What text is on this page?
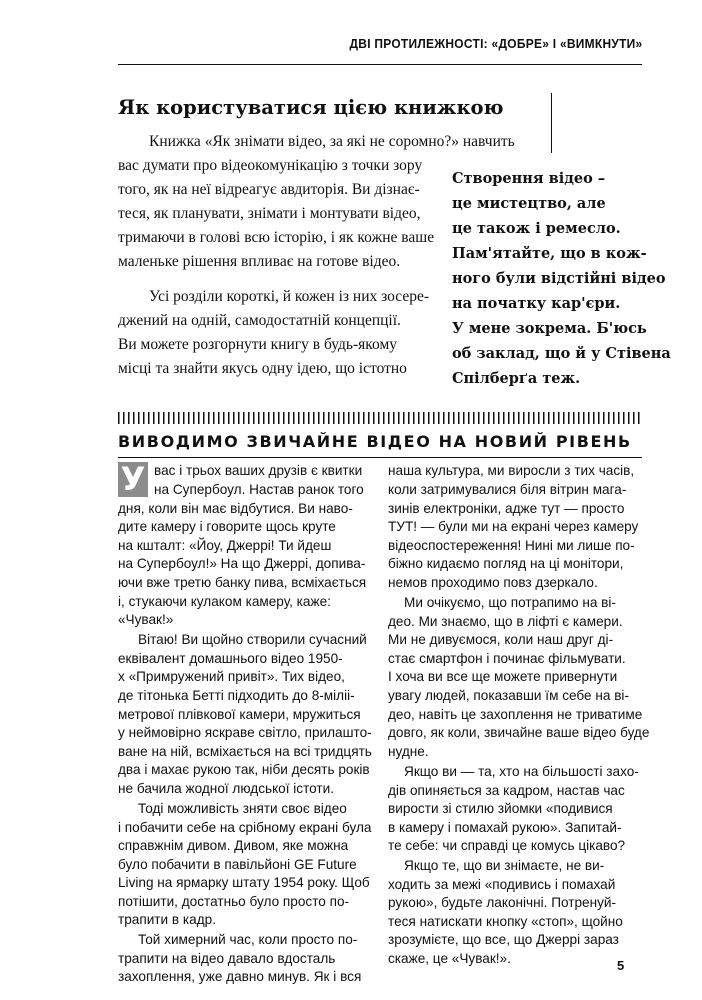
ДВІ ПРОТИЛЕЖНОСТІ: «ДОБРЕ» І «ВИМКНУТИ»
Як користуватися цією книжкою
Книжка «Як знімати відео, за які не соромно?» навчить
вас думати про відеокомунікацію з точки зору
того, як на неї відреагує авдиторія. Ви дізнає-
теся, як планувати, знімати і монтувати відео,
тримаючи в голові всю історію, і як кожне ваше
маленьке рішення впливає на готове відео.
Усі розділи короткі, й кожен із них зосере-
джений на одній, самодостатній концепції.
Ви можете розгорнути книгу в будь-якому
місці та знайти якусь одну ідею, що істотно
Створення відео –
це мистецтво, але
це також і ремесло.
Пам'ятайте, що в кож-
ного були відстійні відео
на початку кар'єри.
У мене зокрема. Б'юсь
об заклад, що й у Стівена
Спілберґа теж.
ВИВОДИМО ЗВИЧАЙНЕ ВІДЕО НА НОВИЙ РІВЕНЬ
У вас і трьох ваших друзів є квитки
на Супербоул. Настав ранок того
дня, коли він має відбутися. Ви наво-
дите камеру і говорите щось круте
на кшталт: «Йоу, Джеррі! Ти йдеш
на Супербоул!» На що Джеррі, допива-
ючи вже третю банку пива, всміхається
і, стукаючи кулаком камеру, каже:
«Чувак!»
Вітаю! Ви щойно створили сучасний
еквівалент домашнього відео 1950-
х «Примружений привіт». Тих відео,
де тітонька Бетті підходить до 8-міліі-
метрової плівкової камери, мружиться
у неймовірно яскраве світло, прилашто-
ване на ній, всміхається на всі тридцять
два і махає рукою так, ніби десять років
не бачила жодної людської істоти.
Тоді можливість зняти своє відео
і побачити себе на срібному екрані була
справжнім дивом. Дивом, яке можна
було побачити в павільйоні GE Future
Living на ярмарку штату 1954 року. Щоб
потішити, достатньо було просто по-
трапити в кадр.
Той химерний час, коли просто по-
трапити на відео давало вдосталь
захоплення, уже давно минув. Як і вся
наша культура, ми виросли з тих часів,
коли затримувалися біля вітрин мага-
зинів електроніки, адже тут — просто
ТУТ! — були ми на екрані через камеру
відеоспостереження! Нині ми лише по-
біжно кидаємо погляд на ці монітори,
немов проходимо повз дзеркало.
Ми очікуємо, що потрапимо на ві-
део. Ми знаємо, що в ліфті є камери.
Ми не дивуємося, коли наш друг ді-
стає смартфон і починає фільмувати.
І хоча ви все ще можете привернути
увагу людей, показавши їм себе на ві-
део, навіть це захоплення не триватиме
довго, як коли, звичайне ваше відео буде
нудне.
Якщо ви — та, хто на більшості захо-
дів опиняється за кадром, настав час
вирости зі стилю зйомки «подивися
в камеру і помахай рукою». Запитай-
те себе: чи справді це комусь цікаво?
Якщо те, що ви знімаєте, не ви-
ходить за межі «подивись і помахай
рукою», будьте лаконічні. Потренуй-
теся натискати кнопку «стоп», щойно
зрозумієте, що все, що Джеррі зараз
скаже, це «Чувак!».	5
